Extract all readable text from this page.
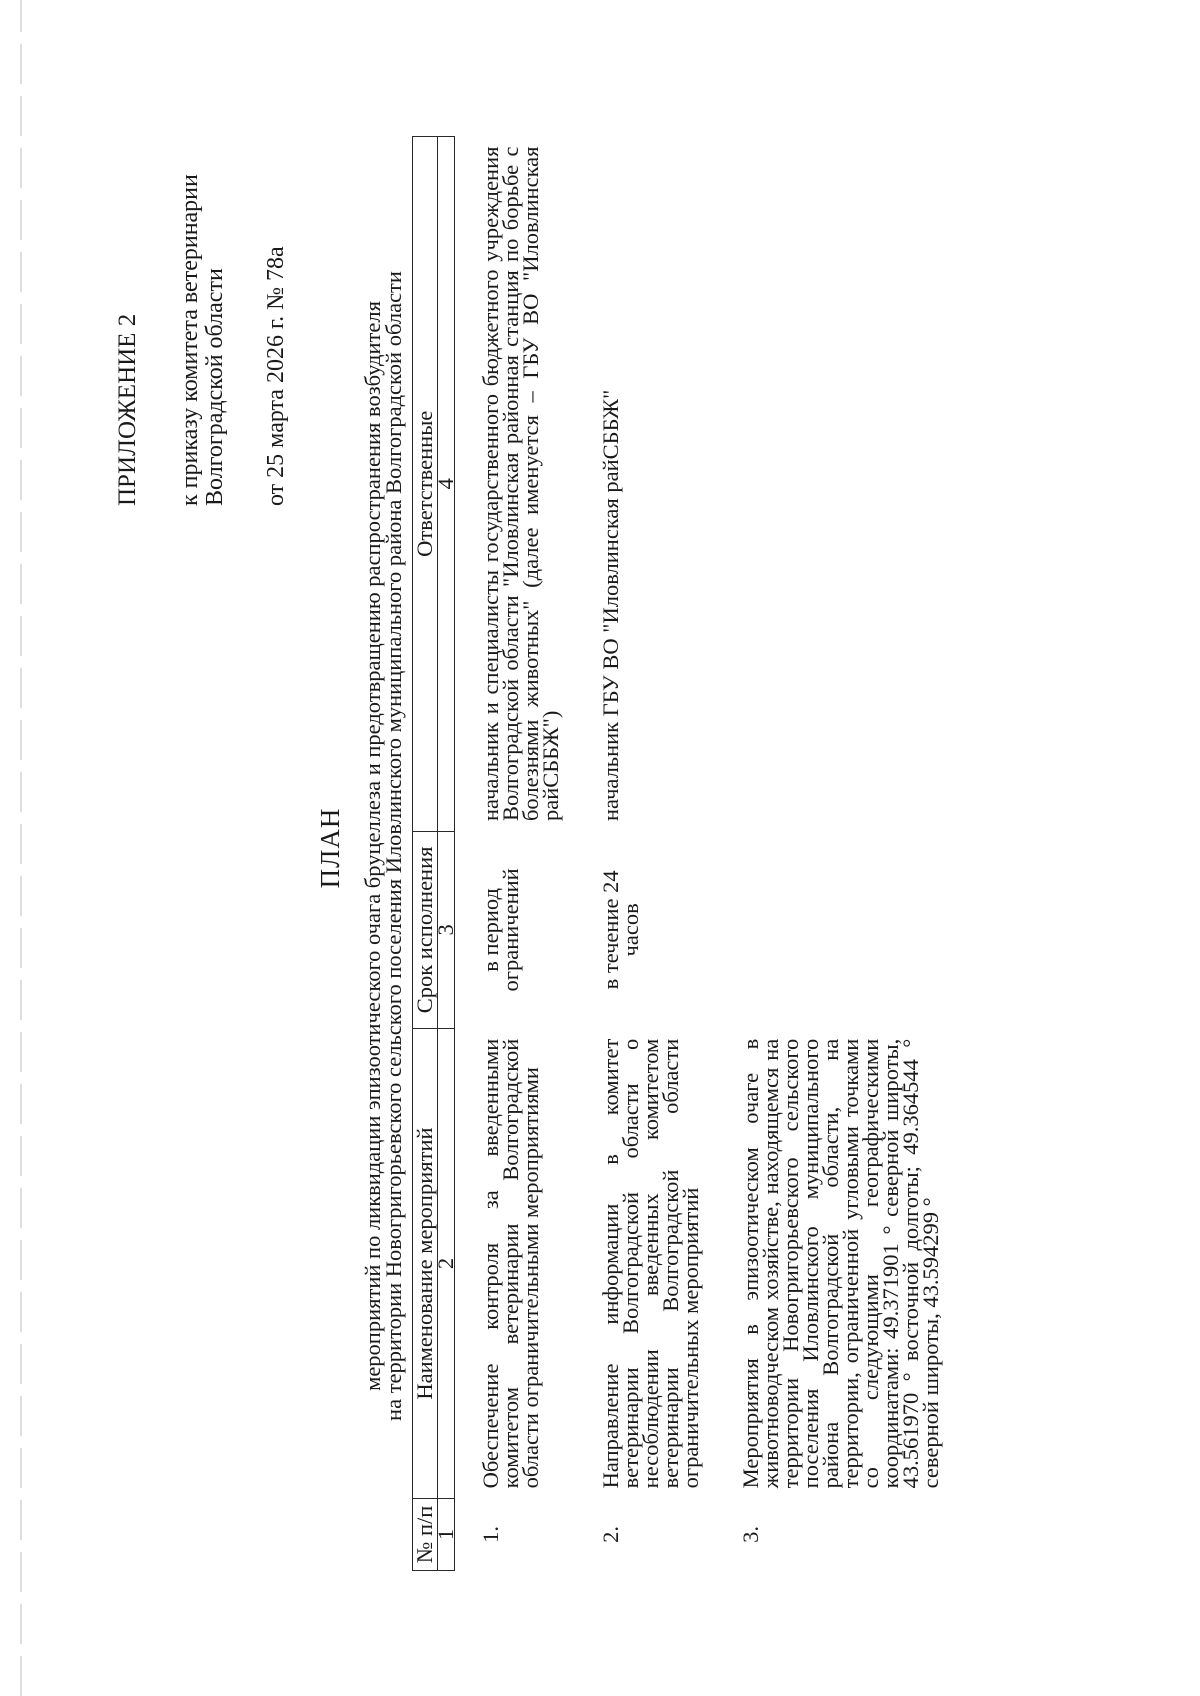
ПРИЛОЖЕНИЕ 2 к приказу комитета ветеринарии Волгоградской области от 25 марта 2026 г. № 78а
ПЛАН мероприятий по ликвидации эпизоотического очага бруцеллеза и предотвращению распространения возбудителя
на территории Новогригорьевского сельского поселения Иловлинского муниципального района Волгоградской области
№ п/п	Наименование мероприятий	Срок исполнения	Ответственные
1	2	3	4
1.	Обеспечение контроля за введенными комитетом ветеринарии Волгоградской области ограничительными мероприятиями	в период ограничений	начальник и специалисты государственного бюджетного учреждения Волгоградской области "Иловлинская районная станция по борьбе с болезнями животных" (далее именуется – ГБУ ВО "Иловлинская райСББЖ")
2.	Направление информации в комитет ветеринарии Волгоградской области о несоблюдении введенных комитетом ветеринарии Волгоградской области ограничительных мероприятий	в течение 24 часов	начальник ГБУ ВО "Иловлинская райСББЖ"
3.	Мероприятия в эпизоотическом очаге в животноводческом хозяйстве, находящемся на территории Новогригорьевского сельского поселения Иловлинского муниципального района Волгоградской области, на территории, ограниченной угловыми точками со следующими географическими координатами: 49.371901 ° северной широты, 43.561970 ° восточной долготы; 49.364544 ° северной широты, 43.594299 °		
